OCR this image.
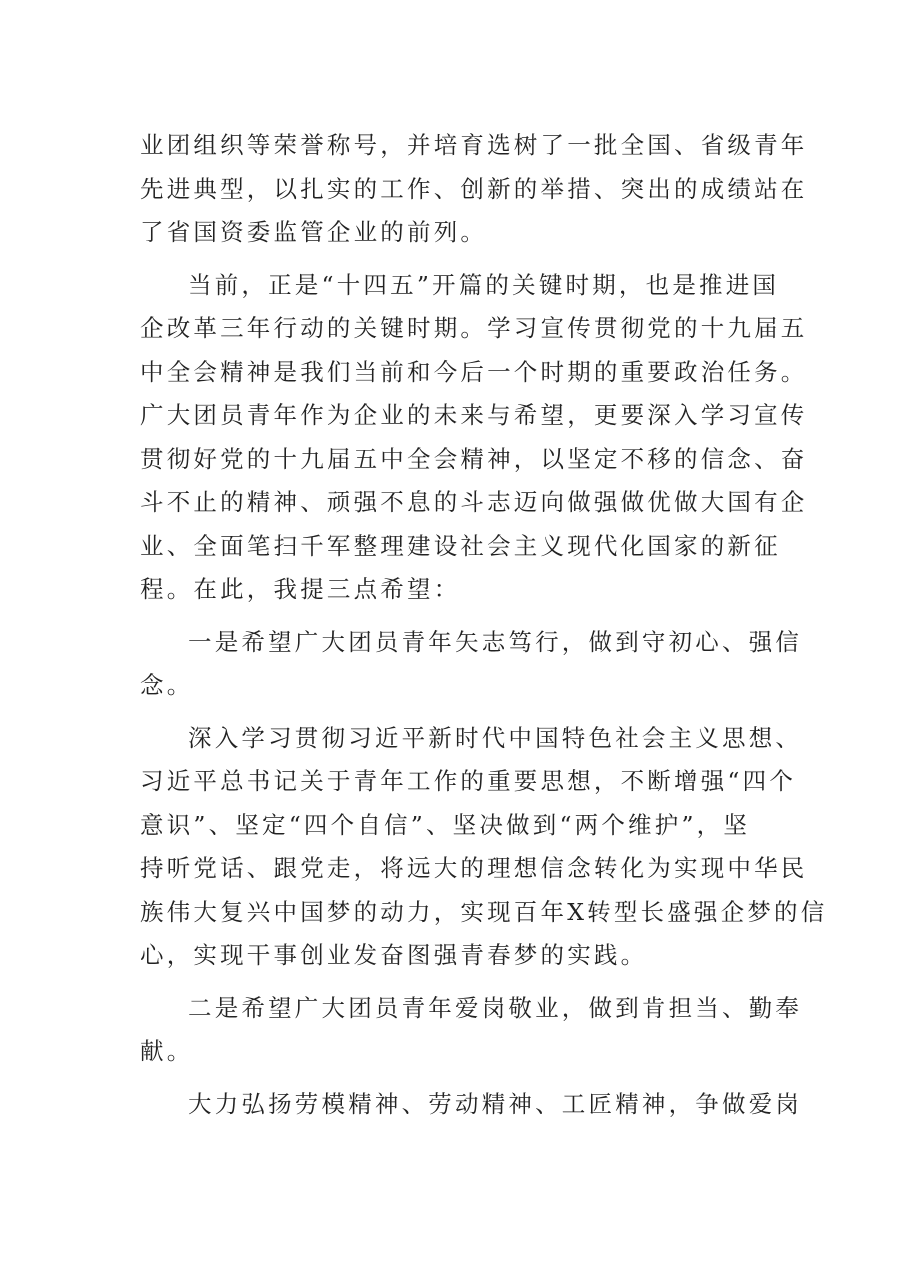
业团组织等荣誉称号，并培育选树了一批全国、省级青年
先进典型，以扎实的工作、创新的举措、突出的成绩站在
了省国资委监管企业的前列。
当前，正是“十四五”开篇的关键时期，也是推进国
企改革三年行动的关键时期。学习宣传贯彻党的十九届五
中全会精神是我们当前和今后一个时期的重要政治任务。
广大团员青年作为企业的未来与希望，更要深入学习宣传
贯彻好党的十九届五中全会精神，以坚定不移的信念、奋
斗不止的精神、顽强不息的斗志迈向做强做优做大国有企
业、全面笔扫千军整理建设社会主义现代化国家的新征
程。在此，我提三点希望：
一是希望广大团员青年矢志笃行，做到守初心、强信
念。
深入学习贯彻习近平新时代中国特色社会主义思想、
习近平总书记关于青年工作的重要思想，不断增强“四个
意识”、坚定“四个自信”、坚决做到“两个维护”，坚
持听党话、跟党走，将远大的理想信念转化为实现中华民
族伟大复兴中国梦的动力，实现百年X转型长盛强企梦的信
心，实现干事创业发奋图强青春梦的实践。
二是希望广大团员青年爱岗敬业，做到肯担当、勤奉
献。
大力弘扬劳模精神、劳动精神、工匠精神，争做爱岗
